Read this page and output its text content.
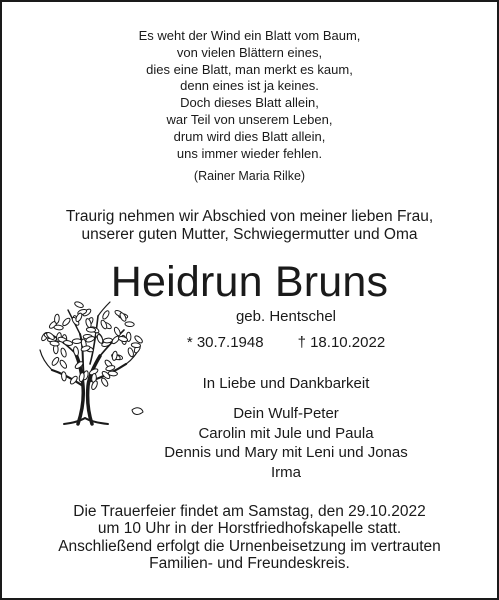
Es weht der Wind ein Blatt vom Baum,
von vielen Blättern eines,
dies eine Blatt, man merkt es kaum,
denn eines ist ja keines.
Doch dieses Blatt allein,
war Teil von unserem Leben,
drum wird dies Blatt allein,
uns immer wieder fehlen.
(Rainer Maria Rilke)
Traurig nehmen wir Abschied von meiner lieben Frau,
unserer guten Mutter, Schwiegermutter und Oma
Heidrun Bruns
geb. Hentschel
* 30.7.1948 † 18.10.2022
In Liebe und Dankbarkeit
Dein Wulf-Peter
Carolin mit Jule und Paula
Dennis und Mary mit Leni und Jonas
Irma
Die Trauerfeier findet am Samstag, den 29.10.2022
um 10 Uhr in der Horstfriedhofskapelle statt.
Anschließend erfolgt die Urnenbeisetzung im vertrauten
Familien- und Freundeskreis.
